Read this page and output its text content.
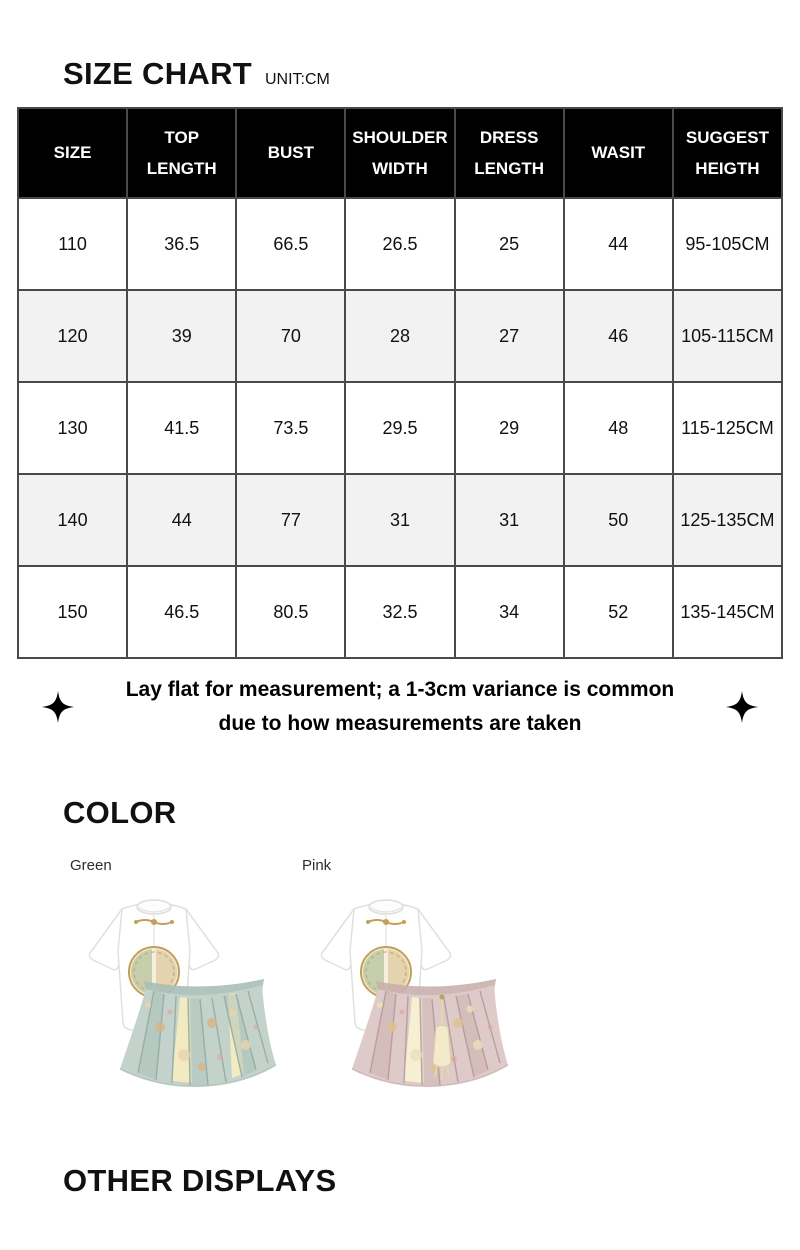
SIZE CHART UNIT:CM
SIZE	TOP LENGTH	BUST	SHOULDER WIDTH	DRESS LENGTH	WASIT	SUGGEST HEIGTH
110	36.5	66.5	26.5	25	44	95-105CM
120	39	70	28	27	46	105-115CM
130	41.5	73.5	29.5	29	48	115-125CM
140	44	77	31	31	50	125-135CM
150	46.5	80.5	32.5	34	52	135-145CM
Lay flat for measurement; a 1-3cm variance is common
due to how measurements are taken
COLOR
Green	Pink
OTHER DISPLAYS
